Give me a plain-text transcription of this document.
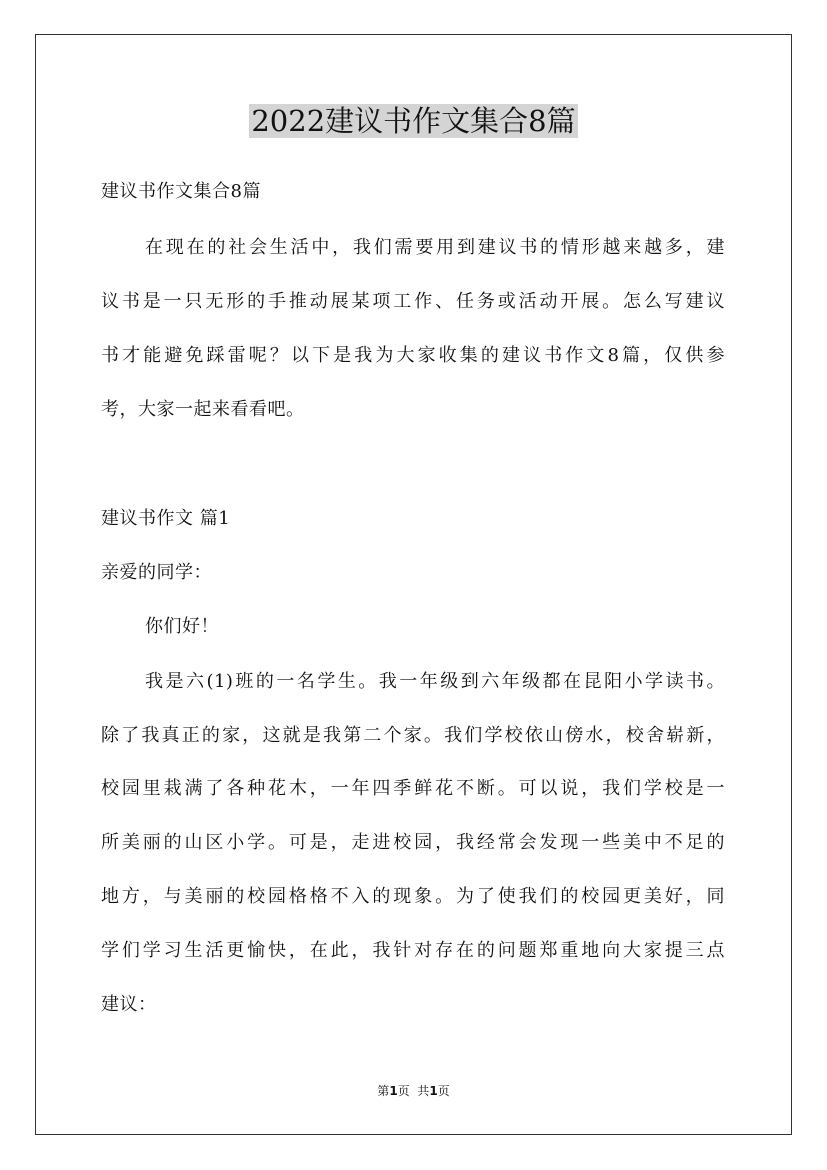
2022建议书作文集合8篇
建议书作文集合8篇
在现在的社会生活中，我们需要用到建议书的情形越来越多，建
议书是一只无形的手推动展某项工作、任务或活动开展。怎么写建议
书才能避免踩雷呢？以下是我为大家收集的建议书作文8篇，仅供参
考，大家一起来看看吧。
建议书作文 篇1
亲爱的同学：
你们好！
我是六(1)班的一名学生。我一年级到六年级都在昆阳小学读书。
除了我真正的家，这就是我第二个家。我们学校依山傍水，校舍崭新，
校园里栽满了各种花木，一年四季鲜花不断。可以说，我们学校是一
所美丽的山区小学。可是，走进校园，我经常会发现一些美中不足的
地方，与美丽的校园格格不入的现象。为了使我们的校园更美好，同
学们学习生活更愉快，在此，我针对存在的问题郑重地向大家提三点
建议：
第1页  共1页
